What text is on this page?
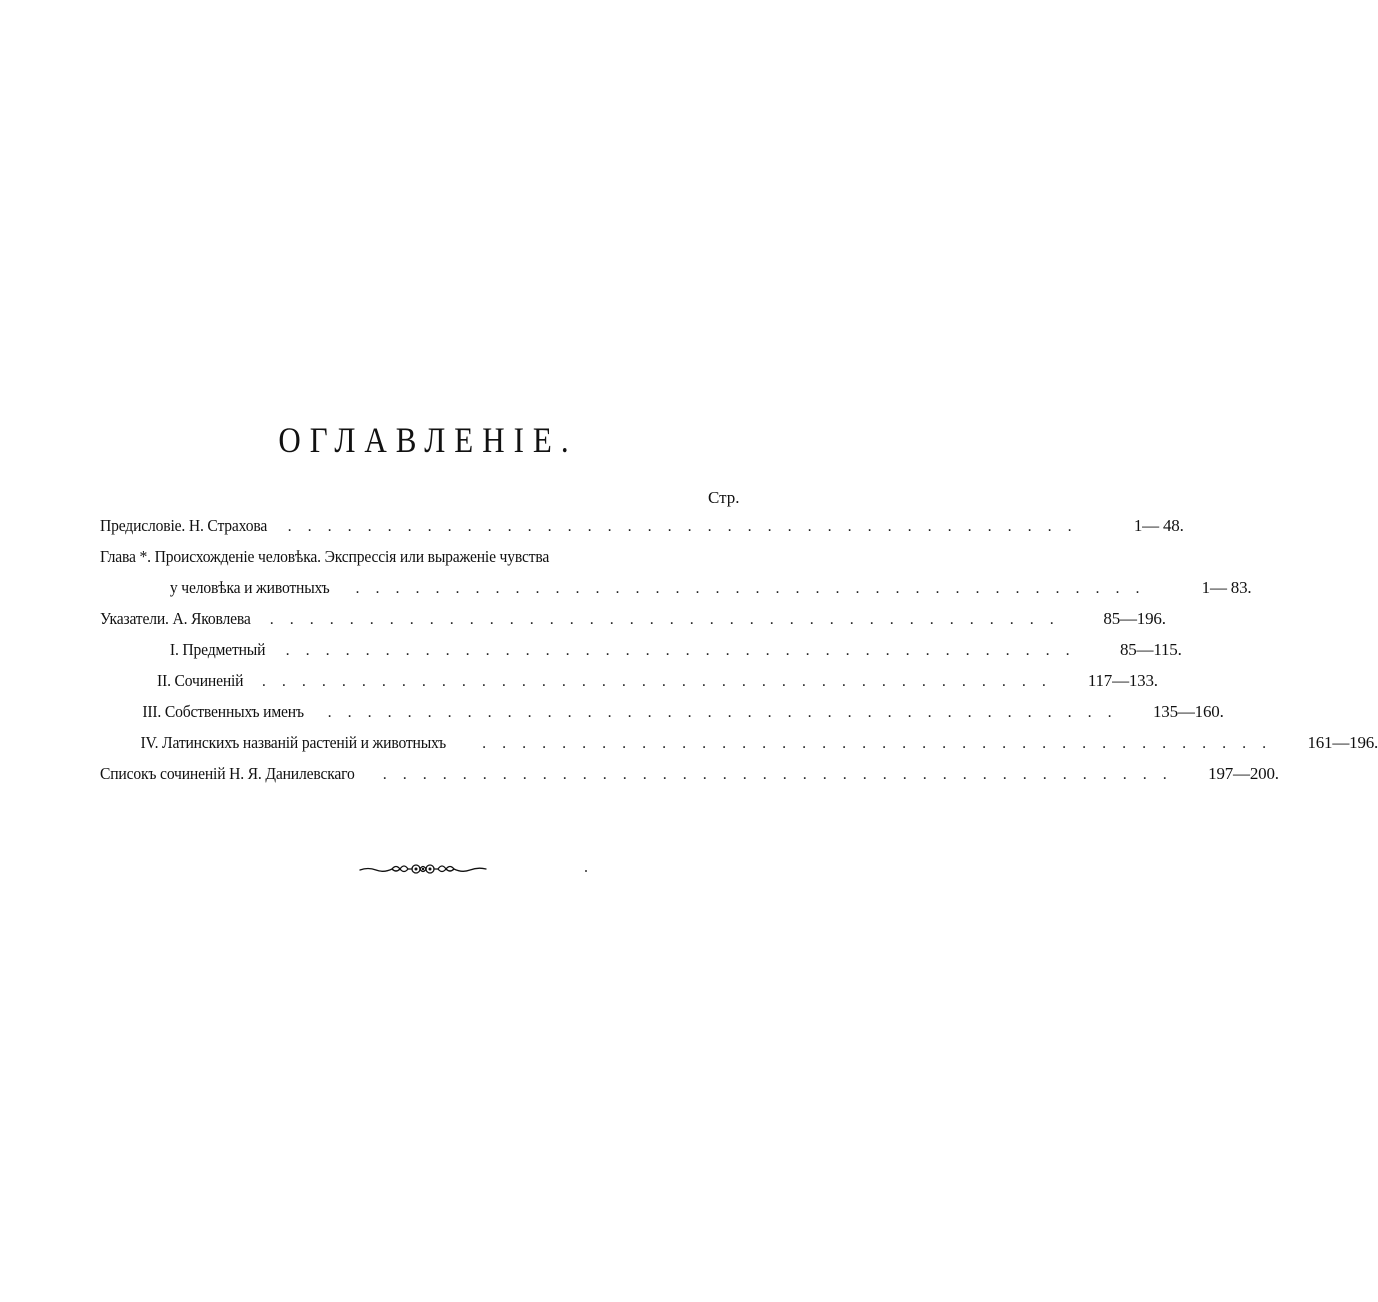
ОГЛАВЛЕНІЕ.
Стр.
Предисловіе. Н. Страхова	. . . . . . . . . . . . . . . . . . . . . . . . . . . . . . . . . . . . . . . .	1— 48.
Глава *. Происхожденіе человѣка. Экспрессія или выраженіе чувства
у человѣка и животныхъ	. . . . . . . . . . . . . . . . . . . . . . . . . . . . . . . . . . . . . . . .	1— 83.
Указатели. А. Яковлева	. . . . . . . . . . . . . . . . . . . . . . . . . . . . . . . . . . . . . . . .	85—196.
I. Предметный	. . . . . . . . . . . . . . . . . . . . . . . . . . . . . . . . . . . . . . . .	85—115.
II. Сочиненій	. . . . . . . . . . . . . . . . . . . . . . . . . . . . . . . . . . . . . . . .	117—133.
III. Собственныхъ именъ	. . . . . . . . . . . . . . . . . . . . . . . . . . . . . . . . . . . . . . . .	135—160.
IV. Латинскихъ названій растеній и животныхъ	. . . . . . . . . . . . . . . . . . . . . . . . . . . . . . . . . . . . . . . .	161—196.
Списокъ сочиненій Н. Я. Данилевскаго	. . . . . . . . . . . . . . . . . . . . . . . . . . . . . . . . . . . . . . . .	197—200.
